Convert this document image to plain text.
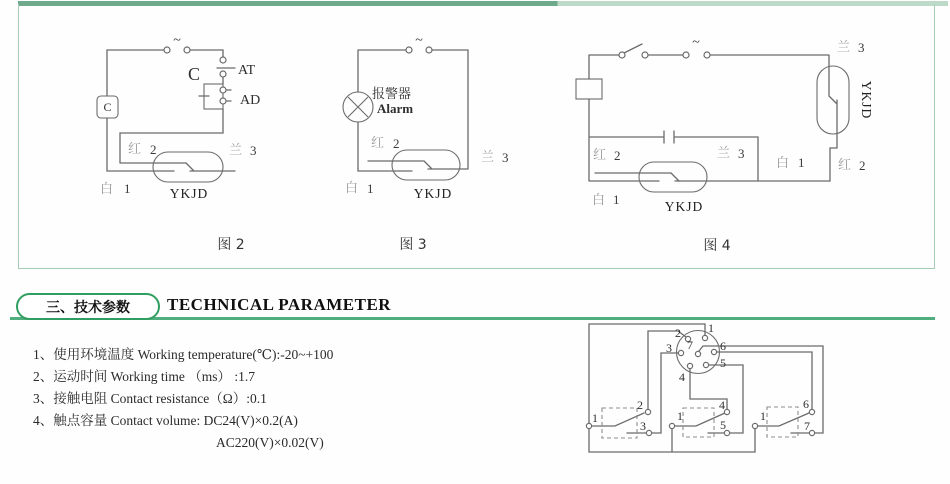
~
C
C	AT
AD
红 2	兰 3
白 1	YKJD
图 2
~
报警器
Alarm
红 2
兰 3
白 1	YKJD
图 3
~	兰 3
YKJD
白 1	红 2
红 2	兰 3
白 1	YKJD
图 4
三、技术参数 TECHNICAL PARAMETER
1、使用环境温度 Working temperature(℃):-20~+100
2、运动时间 Working time （ms） :1.7
3、接触电阻 Contact resistance（Ω）:0.1
4、触点容量 Contact volume: DC24(V)×0.2(A)
AC220(V)×0.02(V)
1
2
3
4
5
6
7
1
2
3
1
4
5
1
6
7
